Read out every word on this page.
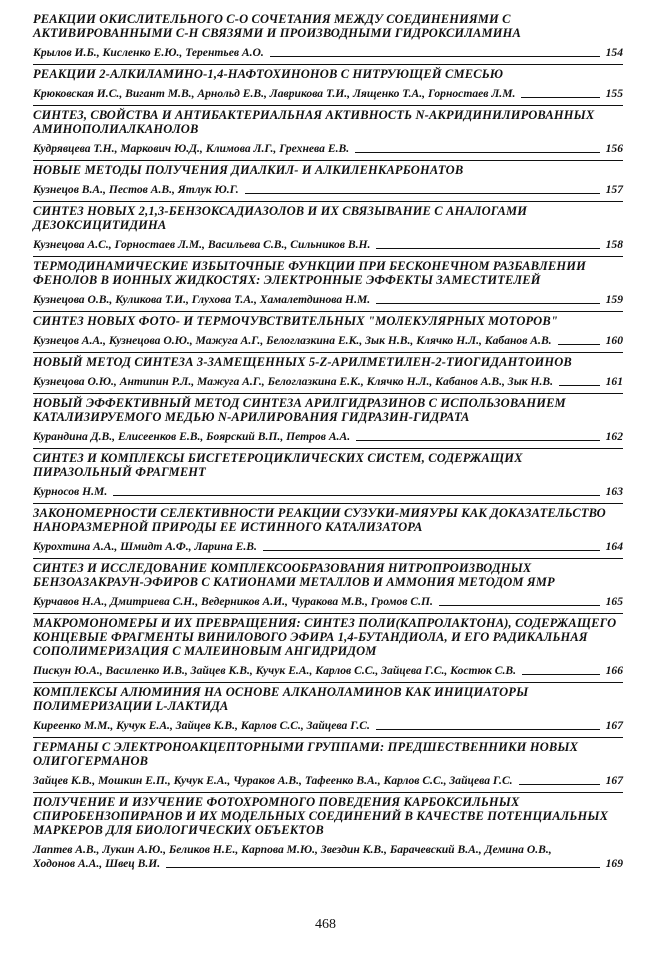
РЕАКЦИИ ОКИСЛИТЕЛЬНОГО С-О СОЧЕТАНИЯ МЕЖДУ СОЕДИНЕНИЯМИ С АКТИВИРОВАННЫМИ С-Н СВЯЗЯМИ И ПРОИЗВОДНЫМИ ГИДРОКСИЛАМИНА
Крылов И.Б., Кисленко Е.Ю., Терентьев А.О.	154
РЕАКЦИИ 2-АЛКИЛАМИНО-1,4-НАФТОХИНОНОВ С НИТРУЮЩЕЙ СМЕСЬЮ
Крюковская И.С., Вигант М.В., Арнольд Е.В., Лаврикова Т.И., Лященко Т.А., Горностаев Л.М.	155
СИНТЕЗ, СВОЙСТВА И АНТИБАКТЕРИАЛЬНАЯ АКТИВНОСТЬ N-АКРИДИНИЛИРОВАННЫХ АМИНОПОЛИАЛКАНОЛОВ
Кудрявцева Т.Н., Маркович Ю.Д., Климова Л.Г., Грехнева Е.В.	156
НОВЫЕ МЕТОДЫ ПОЛУЧЕНИЯ ДИАЛКИЛ- И АЛКИЛЕНКАРБОНАТОВ
Кузнецов В.А., Пестов А.В., Ятлук Ю.Г.	157
СИНТЕЗ НОВЫХ 2,1,3-БЕНЗОКСАДИАЗОЛОВ И ИХ СВЯЗЫВАНИЕ С АНАЛОГАМИ ДЕЗОКСИЦИТИДИНА
Кузнецова А.С., Горностаев Л.М., Васильева С.В., Сильников В.Н.	158
ТЕРМОДИНАМИЧЕСКИЕ ИЗБЫТОЧНЫЕ ФУНКЦИИ ПРИ БЕСКОНЕЧНОМ РАЗБАВЛЕНИИ ФЕНОЛОВ В ИОННЫХ ЖИДКОСТЯХ: ЭЛЕКТРОННЫЕ ЭФФЕКТЫ ЗАМЕСТИТЕЛЕЙ
Кузнецова О.В., Куликова Т.И., Глухова Т.А., Хамалетдинова Н.М.	159
СИНТЕЗ НОВЫХ ФОТО- И ТЕРМОЧУВСТВИТЕЛЬНЫХ "МОЛЕКУЛЯРНЫХ МОТОРОВ"
Кузнецов А.А., Кузнецова О.Ю., Мажуга А.Г., Белоглазкина Е.К., Зык Н.В., Клячко Н.Л., Кабанов А.В.	160
НОВЫЙ МЕТОД СИНТЕЗА 3-ЗАМЕЩЕННЫХ 5-Z-АРИЛМЕТИЛЕН-2-ТИОГИДАНТОИНОВ
Кузнецова О.Ю., Антипин Р.Л., Мажуга А.Г., Белоглазкина Е.К., Клячко Н.Л., Кабанов А.В., Зык Н.В.	161
НОВЫЙ ЭФФЕКТИВНЫЙ МЕТОД СИНТЕЗА АРИЛГИДРАЗИНОВ С ИСПОЛЬЗОВАНИЕМ КАТАЛИЗИРУЕМОГО МЕДЬЮ N-АРИЛИРОВАНИЯ ГИДРАЗИН-ГИДРАТА
Курандина Д.В., Елисеенков Е.В., Боярский В.П., Петров А.А.	162
СИНТЕЗ И КОМПЛЕКСЫ БИСГЕТЕРОЦИКЛИЧЕСКИХ СИСТЕМ, СОДЕРЖАЩИХ ПИРАЗОЛЬНЫЙ ФРАГМЕНТ
Курносов Н.М.	163
ЗАКОНОМЕРНОСТИ СЕЛЕКТИВНОСТИ РЕАКЦИИ СУЗУКИ-МИЯУРЫ КАК ДОКАЗАТЕЛЬСТВО НАНОРАЗМЕРНОЙ ПРИРОДЫ ЕЕ ИСТИННОГО КАТАЛИЗАТОРА
Курохтина А.А., Шмидт А.Ф., Ларина Е.В.	164
СИНТЕЗ И ИССЛЕДОВАНИЕ КОМПЛЕКСООБРАЗОВАНИЯ НИТРОПРОИЗВОДНЫХ БЕНЗОАЗАКРАУН-ЭФИРОВ С КАТИОНАМИ МЕТАЛЛОВ И АММОНИЯ МЕТОДОМ ЯМР
Курчавов Н.А., Дмитриева С.Н., Ведерников А.И., Чуракова М.В., Громов С.П.	165
МАКРОМОНОМЕРЫ И ИХ ПРЕВРАЩЕНИЯ: СИНТЕЗ ПОЛИ(КАПРОЛАКТОНА), СОДЕРЖАЩЕГО КОНЦЕВЫЕ ФРАГМЕНТЫ ВИНИЛОВОГО ЭФИРА 1,4-БУТАНДИОЛА, И ЕГО РАДИКАЛЬНАЯ СОПОЛИМЕРИЗАЦИЯ С МАЛЕИНОВЫМ АНГИДРИДОМ
Пискун Ю.А., Василенко И.В., Зайцев К.В., Кучук Е.А., Карлов С.С., Зайцева Г.С., Костюк С.В.	166
КОМПЛЕКСЫ АЛЮМИНИЯ НА ОСНОВЕ АЛКАНОЛАМИНОВ КАК ИНИЦИАТОРЫ ПОЛИМЕРИЗАЦИИ L-ЛАКТИДА
Киреенко М.М., Кучук Е.А., Зайцев К.В., Карлов С.С., Зайцева Г.С.	167
ГЕРМАНЫ С ЭЛЕКТРОНОАКЦЕПТОРНЫМИ ГРУППАМИ: ПРЕДШЕСТВЕННИКИ НОВЫХ ОЛИГОГЕРМАНОВ
Зайцев К.В., Мошкин Е.П., Кучук Е.А., Чураков А.В., Тафеенко В.А., Карлов С.С., Зайцева Г.С.	167
ПОЛУЧЕНИЕ И ИЗУЧЕНИЕ ФОТОХРОМНОГО ПОВЕДЕНИЯ КАРБОКСИЛЬНЫХ СПИРОБЕНЗОПИРАНОВ И ИХ МОДЕЛЬНЫХ СОЕДИНЕНИЙ В КАЧЕСТВЕ ПОТЕНЦИАЛЬНЫХ МАРКЕРОВ ДЛЯ БИОЛОГИЧЕСКИХ ОБЪЕКТОВ
Лаптев А.В., Лукин А.Ю., Беликов Н.Е., Карпова М.Ю., Звездин К.В., Барачевский В.А., Демина О.В.,
Ходонов А.А., Швец В.И.	169
468
